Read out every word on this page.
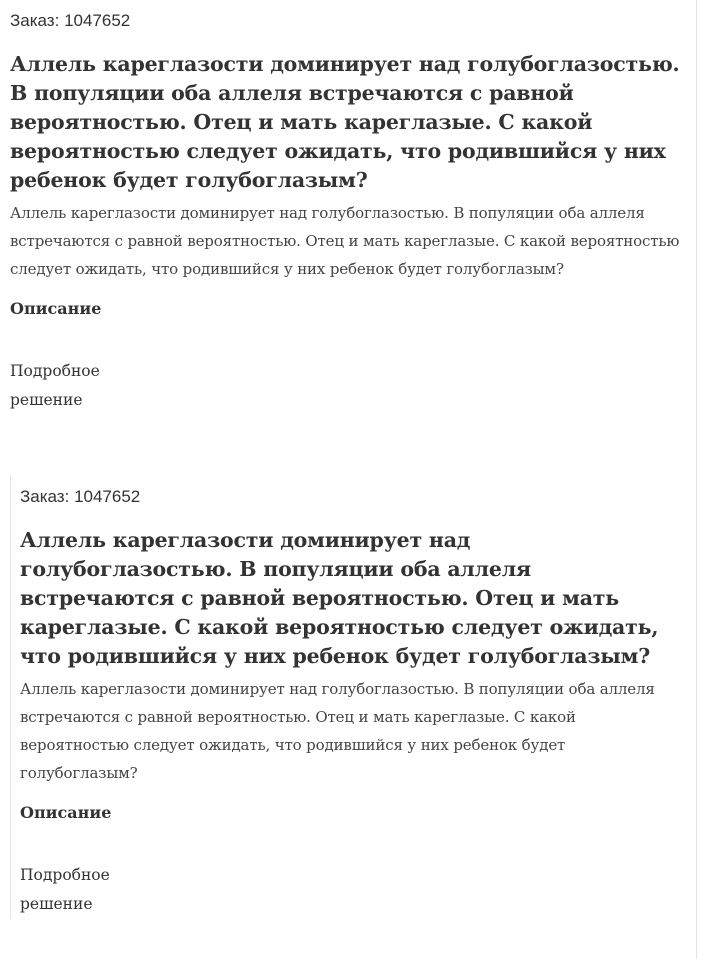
Заказ: 1047652
Аллель кареглазости доминирует над голубоглазостью. В популяции оба аллеля встречаются с равной вероятностью. Отец и мать кареглазые. С какой вероятностью следует ожидать, что родившийся у них ребенок будет голубоглазым?

Аллель кареглазости доминирует над голубоглазостью. В популяции оба аллеля встречаются с равной вероятностью. Отец и мать кареглазые. С какой вероятностью следует ожидать, что родившийся у них ребенок будет голубоглазым?

Описание
Подробное решение
Заказ: 1047652
Аллель кареглазости доминирует над голубоглазостью. В популяции оба аллеля встречаются с равной вероятностью. Отец и мать кареглазые. С какой вероятностью следует ожидать, что родившийся у них ребенок будет голубоглазым?

Аллель кареглазости доминирует над голубоглазостью. В популяции оба аллеля встречаются с равной вероятностью. Отец и мать кареглазые. С какой вероятностью следует ожидать, что родившийся у них ребенок будет голубоглазым?

Описание
Подробное решение
